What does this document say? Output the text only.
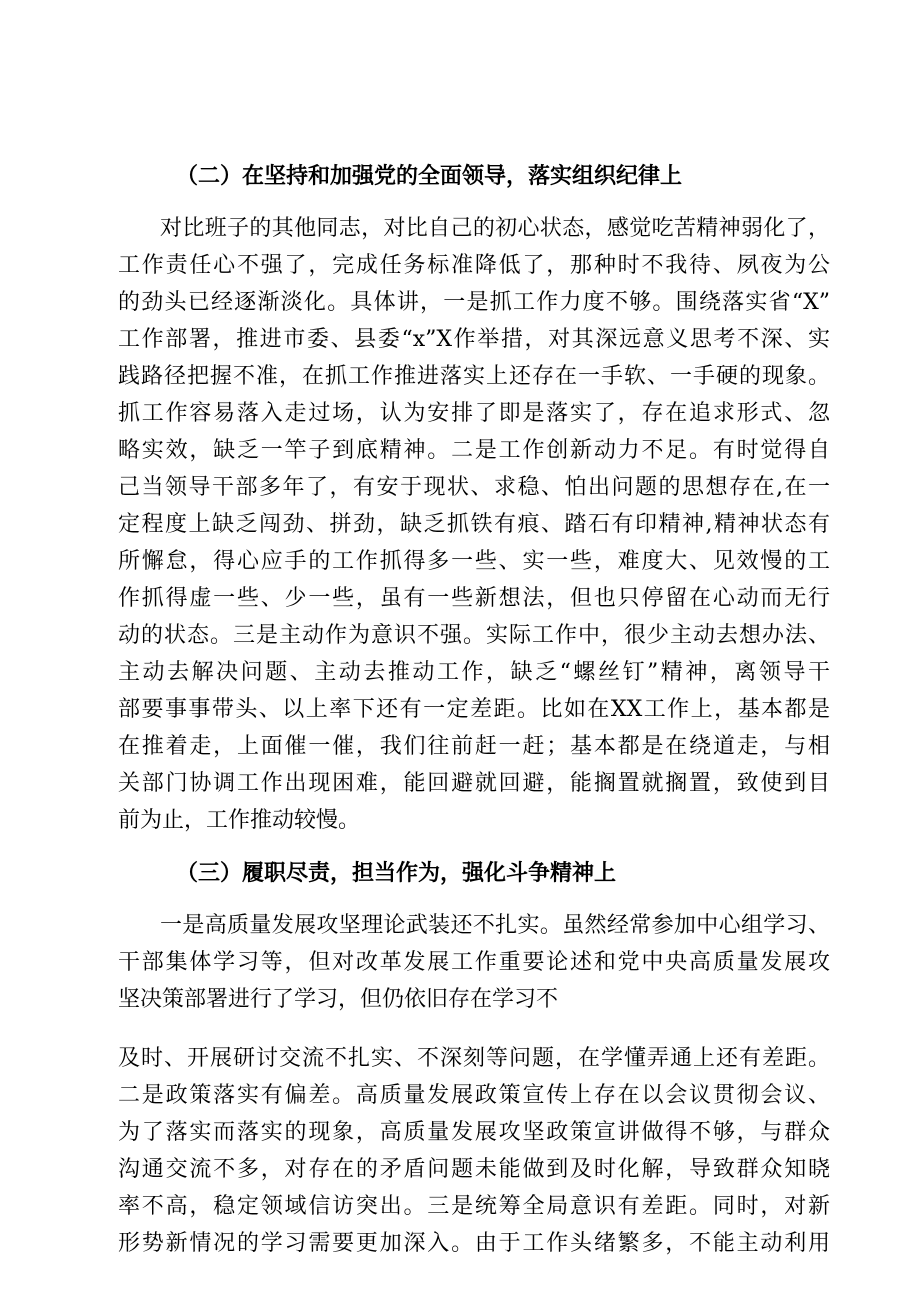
（二）在坚持和加强党的全面领导，落实组织纪律上
对比班子的其他同志，对比自己的初心状态，感觉吃苦精神弱化了，
工作责任心不强了，完成任务标准降低了，那种时不我待、夙夜为公
的劲头已经逐渐淡化。具体讲，一是抓工作力度不够。围绕落实省“X”
工作部署，推进市委、县委“x”X作举措，对其深远意义思考不深、实
践路径把握不准，在抓工作推进落实上还存在一手软、一手硬的现象。
抓工作容易落入走过场，认为安排了即是落实了，存在追求形式、忽
略实效，缺乏一竿子到底精神。二是工作创新动力不足。有时觉得自
己当领导干部多年了，有安于现状、求稳、怕出问题的思想存在,在一
定程度上缺乏闯劲、拼劲，缺乏抓铁有痕、踏石有印精神,精神状态有
所懈怠，得心应手的工作抓得多一些、实一些，难度大、见效慢的工
作抓得虚一些、少一些，虽有一些新想法，但也只停留在心动而无行
动的状态。三是主动作为意识不强。实际工作中，很少主动去想办法、
主动去解决问题、主动去推动工作，缺乏“螺丝钉”精神，离领导干
部要事事带头、以上率下还有一定差距。比如在XX工作上，基本都是
在推着走，上面催一催，我们往前赶一赶；基本都是在绕道走，与相
关部门协调工作出现困难，能回避就回避，能搁置就搁置，致使到目
前为止，工作推动较慢。
（三）履职尽责，担当作为，强化斗争精神上
一是高质量发展攻坚理论武装还不扎实。虽然经常参加中心组学习、
干部集体学习等，但对改革发展工作重要论述和党中央高质量发展攻
坚决策部署进行了学习，但仍依旧存在学习不
及时、开展研讨交流不扎实、不深刻等问题，在学懂弄通上还有差距。
二是政策落实有偏差。高质量发展政策宣传上存在以会议贯彻会议、
为了落实而落实的现象，高质量发展攻坚政策宣讲做得不够，与群众
沟通交流不多，对存在的矛盾问题未能做到及时化解，导致群众知晓
率不高，稳定领域信访突出。三是统筹全局意识有差距。同时，对新
形势新情况的学习需要更加深入。由于工作头绪繁多，不能主动利用
